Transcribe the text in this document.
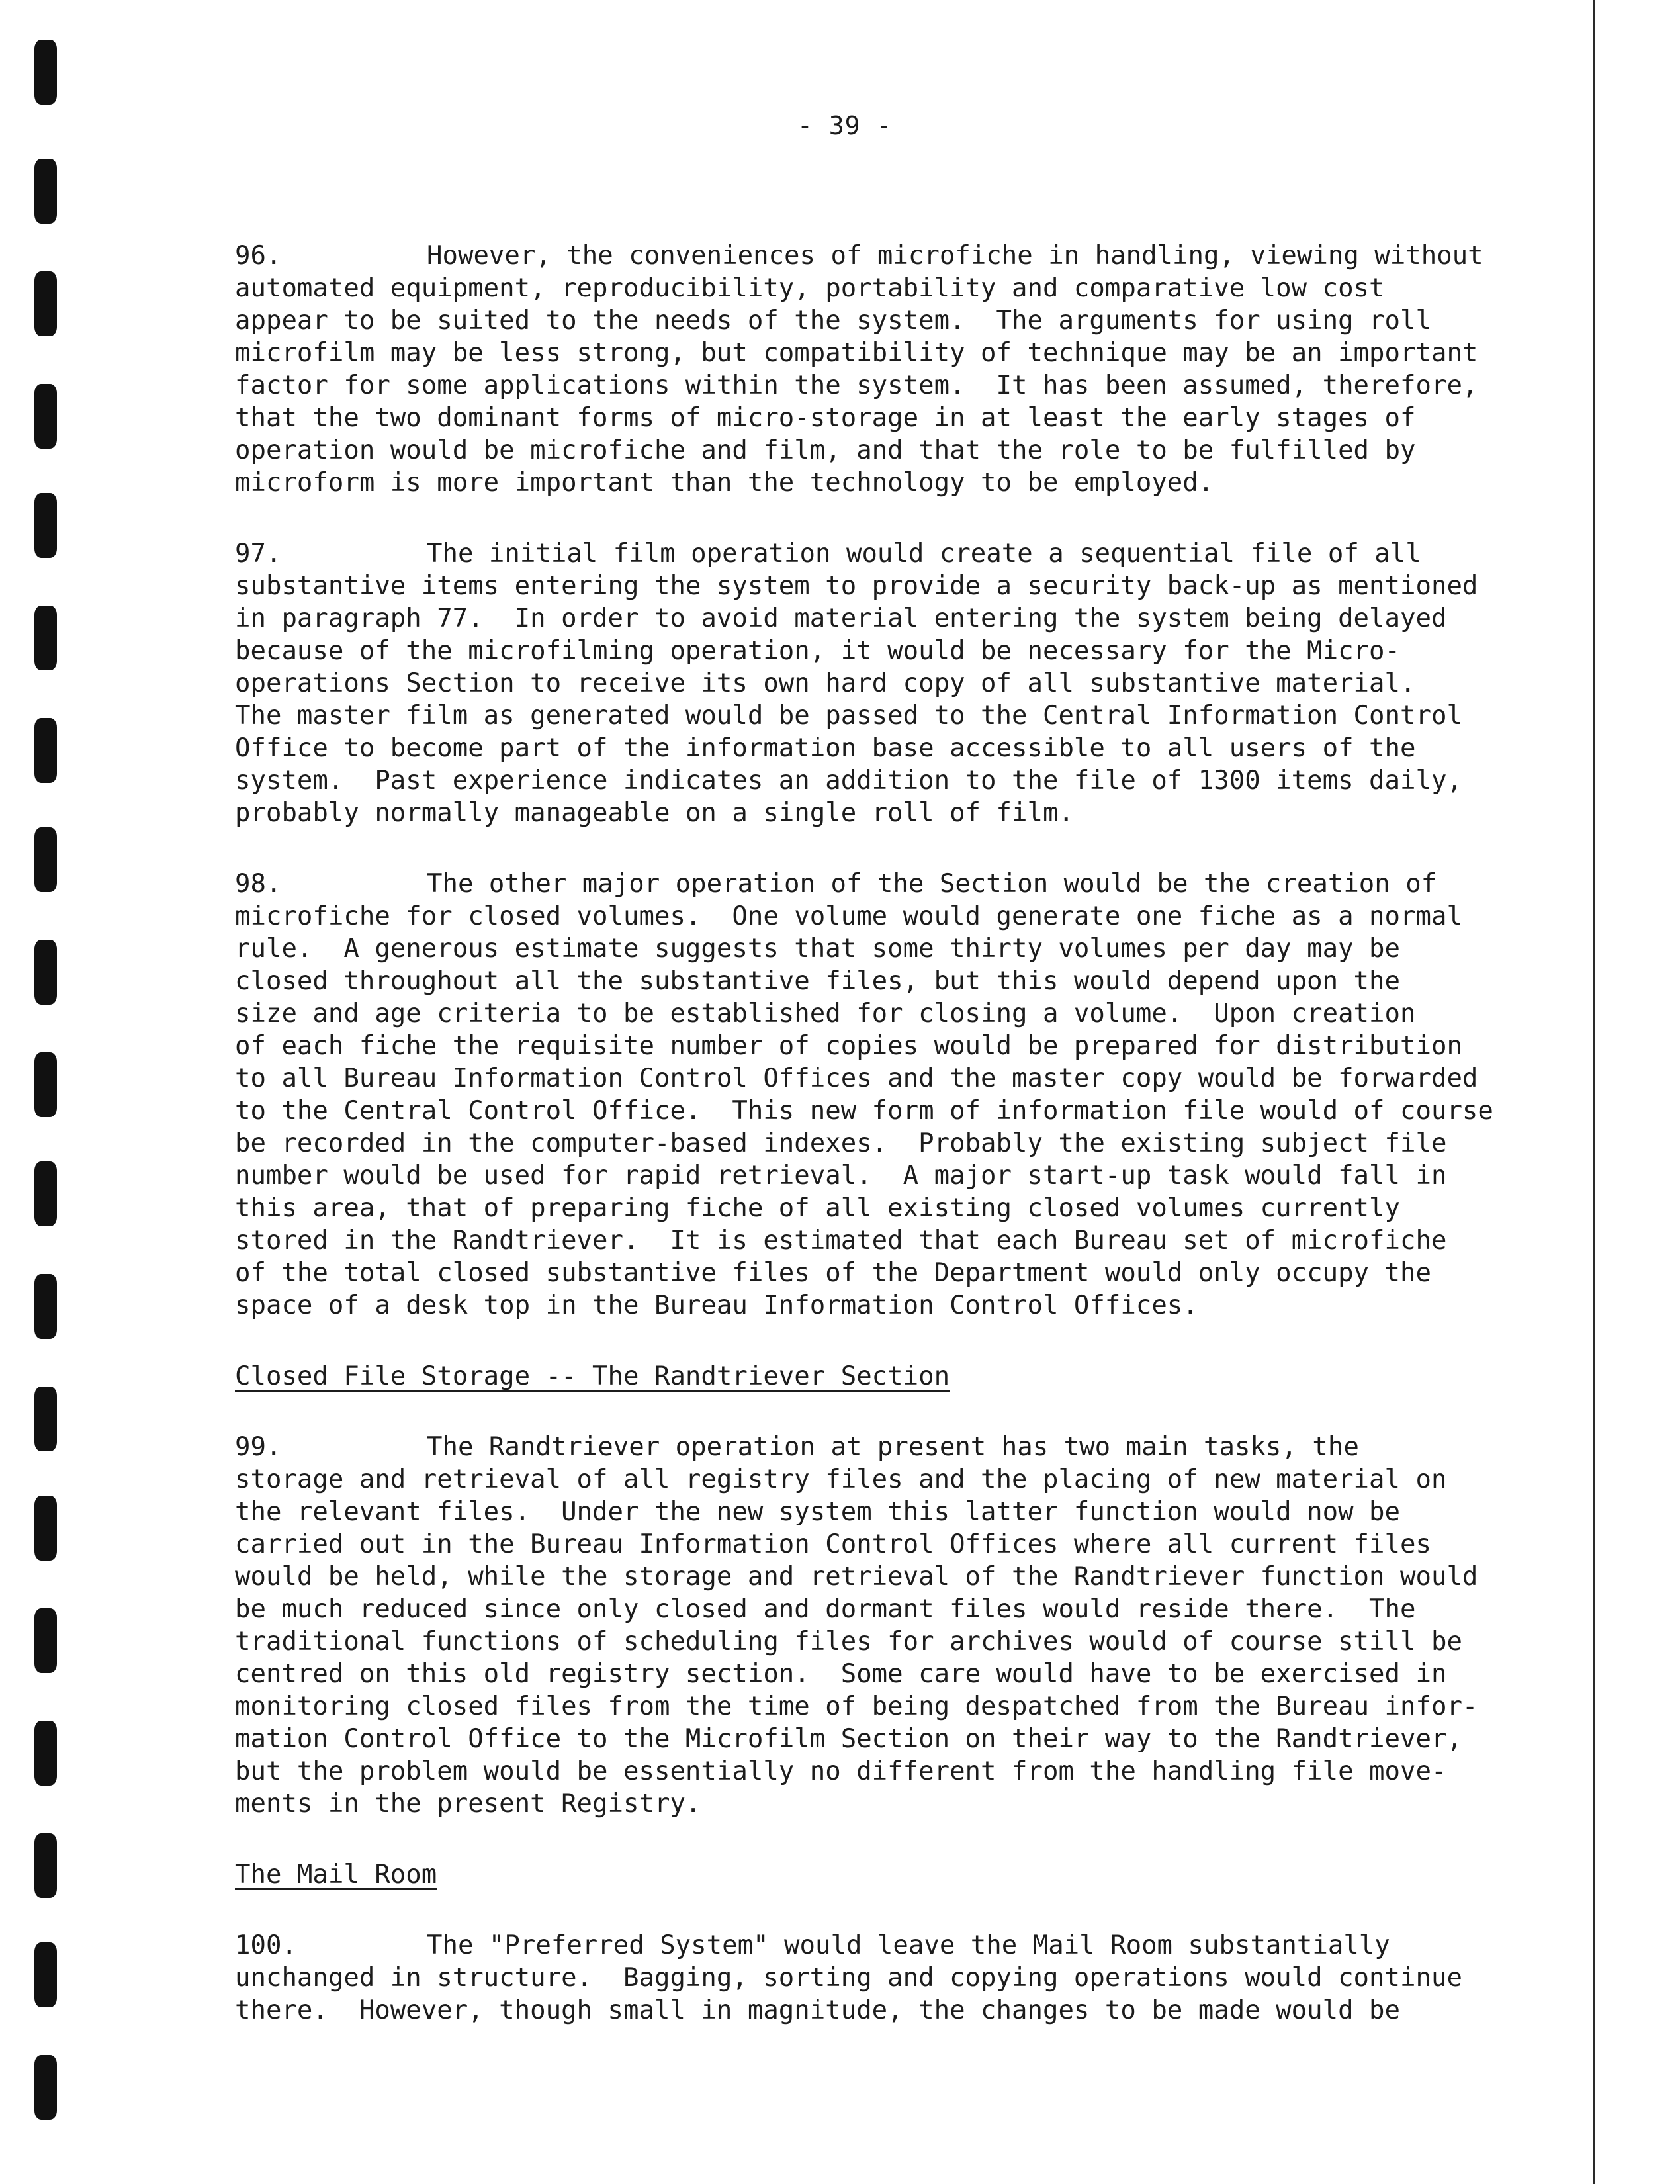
- 39 -
96.	However, the conveniences of microfiche in handling, viewing without
automated equipment, reproducibility, portability and comparative low cost
appear to be suited to the needs of the system.  The arguments for using roll
microfilm may be less strong, but compatibility of technique may be an important
factor for some applications within the system.  It has been assumed, therefore,
that the two dominant forms of micro-storage in at least the early stages of
operation would be microfiche and film, and that the role to be fulfilled by
microform is more important than the technology to be employed.
97.	The initial film operation would create a sequential file of all
substantive items entering the system to provide a security back-up as mentioned
in paragraph 77.  In order to avoid material entering the system being delayed
because of the microfilming operation, it would be necessary for the Micro-
operations Section to receive its own hard copy of all substantive material.
The master film as generated would be passed to the Central Information Control
Office to become part of the information base accessible to all users of the
system.  Past experience indicates an addition to the file of 1300 items daily,
probably normally manageable on a single roll of film.
98.	The other major operation of the Section would be the creation of
microfiche for closed volumes.  One volume would generate one fiche as a normal
rule.  A generous estimate suggests that some thirty volumes per day may be
closed throughout all the substantive files, but this would depend upon the
size and age criteria to be established for closing a volume.  Upon creation
of each fiche the requisite number of copies would be prepared for distribution
to all Bureau Information Control Offices and the master copy would be forwarded
to the Central Control Office.  This new form of information file would of course
be recorded in the computer-based indexes.  Probably the existing subject file
number would be used for rapid retrieval.  A major start-up task would fall in
this area, that of preparing fiche of all existing closed volumes currently
stored in the Randtriever.  It is estimated that each Bureau set of microfiche
of the total closed substantive files of the Department would only occupy the
space of a desk top in the Bureau Information Control Offices.
Closed File Storage -- The Randtriever Section
99.	The Randtriever operation at present has two main tasks, the
storage and retrieval of all registry files and the placing of new material on
the relevant files.  Under the new system this latter function would now be
carried out in the Bureau Information Control Offices where all current files
would be held, while the storage and retrieval of the Randtriever function would
be much reduced since only closed and dormant files would reside there.  The
traditional functions of scheduling files for archives would of course still be
centred on this old registry section.  Some care would have to be exercised in
monitoring closed files from the time of being despatched from the Bureau infor-
mation Control Office to the Microfilm Section on their way to the Randtriever,
but the problem would be essentially no different from the handling file move-
ments in the present Registry.
The Mail Room
100.	The "Preferred System" would leave the Mail Room substantially
unchanged in structure.  Bagging, sorting and copying operations would continue
there.  However, though small in magnitude, the changes to be made would be
